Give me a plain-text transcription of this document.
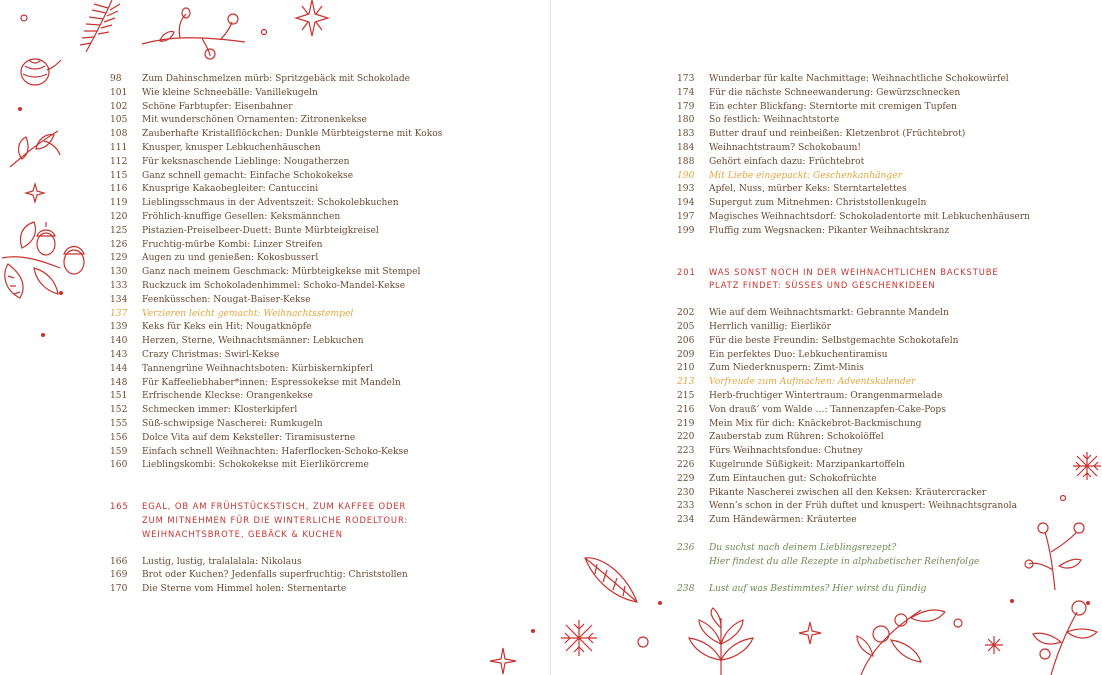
98	Zum Dahinschmelzen mürb: Spritzgebäck mit Schokolade
101	Wie kleine Schneebälle: Vanillekugeln
102	Schöne Farbtupfer: Eisenbahner
105	Mit wunderschönen Ornamenten: Zitronenkekse
108	Zauberhafte Kristallflöckchen: Dunkle Mürbteigsterne mit Kokos
111	Knusper, knusper Lebkuchenhäuschen
112	Für keksnaschende Lieblinge: Nougatherzen
115	Ganz schnell gemacht: Einfache Schokokekse
116	Knusprige Kakaobegleiter: Cantuccini
119	Lieblingsschmaus in der Adventszeit: Schokolebkuchen
120	Fröhlich-knuffige Gesellen: Keksmännchen
125	Pistazien-Preiselbeer-Duett: Bunte Mürbteigkreisel
126	Fruchtig-mürbe Kombi: Linzer Streifen
129	Augen zu und genießen: Kokosbusserl
130	Ganz nach meinem Geschmack: Mürbteigkekse mit Stempel
133	Ruckzuck im Schokoladenhimmel: Schoko-Mandel-Kekse
134	Feenküsschen: Nougat-Baiser-Kekse
137	Verzieren leicht gemacht: Weihnachtsstempel
139	Keks für Keks ein Hit: Nougatknöpfe
140	Herzen, Sterne, Weihnachtsmänner: Lebkuchen
143	Crazy Christmas: Swirl-Kekse
144	Tannengrüne Weihnachtsboten: Kürbiskernkipferl
148	Für Kaffeeliebhaber*innen: Espressokekse mit Mandeln
151	Erfrischende Kleckse: Orangenkekse
152	Schmecken immer: Klosterkipferl
155	Süß-schwipsige Nascherei: Rumkugeln
156	Dolce Vita auf dem Keksteller: Tiramisusterne
159	Einfach schnell Weihnachten: Haferflocken-Schoko-Kekse
160	Lieblingskombi: Schokokekse mit Eierlikörcreme
165	EGAL, OB AM FRÜHSTÜCKSTISCH, ZUM KAFFEE ODER
ZUM MITNEHMEN FÜR DIE WINTERLICHE RODELTOUR:
WEIHNACHTSBROTE, GEBÄCK & KUCHEN
166	Lustig, lustig, tralalalala: Nikolaus
169	Brot oder Kuchen? Jedenfalls superfruchtig: Christstollen
170	Die Sterne vom Himmel holen: Sternentarte
173	Wunderbar für kalte Nachmittage: Weihnachtliche Schokowürfel
174	Für die nächste Schneewanderung: Gewürzschnecken
179	Ein echter Blickfang: Sterntorte mit cremigen Tupfen
180	So festlich: Weihnachtstorte
183	Butter drauf und reinbeißen: Kletzenbrot (Früchtebrot)
184	Weihnachtstraum? Schokobaum!
188	Gehört einfach dazu: Früchtebrot
190	Mit Liebe eingepackt: Geschenkanhänger
193	Apfel, Nuss, mürber Keks: Sterntartelettes
194	Supergut zum Mitnehmen: Christstollenkugeln
197	Magisches Weihnachtsdorf: Schokoladentorte mit Lebkuchenhäusern
199	Fluffig zum Wegsnacken: Pikanter Weihnachtskranz
201	WAS SONST NOCH IN DER WEIHNACHTLICHEN BACKSTUBE
PLATZ FINDET: SÜSSES UND GESCHENKIDEEN
202	Wie auf dem Weihnachtsmarkt: Gebrannte Mandeln
205	Herrlich vanillig: Eierlikör
206	Für die beste Freundin: Selbstgemachte Schokotafeln
209	Ein perfektes Duo: Lebkuchentiramisu
210	Zum Niederknuspern: Zimt-Minis
213	Vorfreude zum Aufmachen: Adventskalender
215	Herb-fruchtiger Wintertraum: Orangenmarmelade
216	Von drauß’ vom Walde …: Tannenzapfen-Cake-Pops
219	Mein Mix für dich: Knäckebrot-Backmischung
220	Zauberstab zum Rühren: Schokolöffel
223	Fürs Weihnachtsfondue: Chutney
226	Kugelrunde Süßigkeit: Marzipankartoffeln
229	Zum Eintauchen gut: Schokofrüchte
230	Pikante Nascherei zwischen all den Keksen: Kräutercracker
233	Wenn’s schon in der Früh duftet und knuspert: Weihnachtsgranola
234	Zum Händewärmen: Kräutertee
236	Du suchst nach deinem Lieblingsrezept?
Hier findest du alle Rezepte in alphabetischer Reihenfolge
238	Lust auf was Bestimmtes? Hier wirst du fündig
